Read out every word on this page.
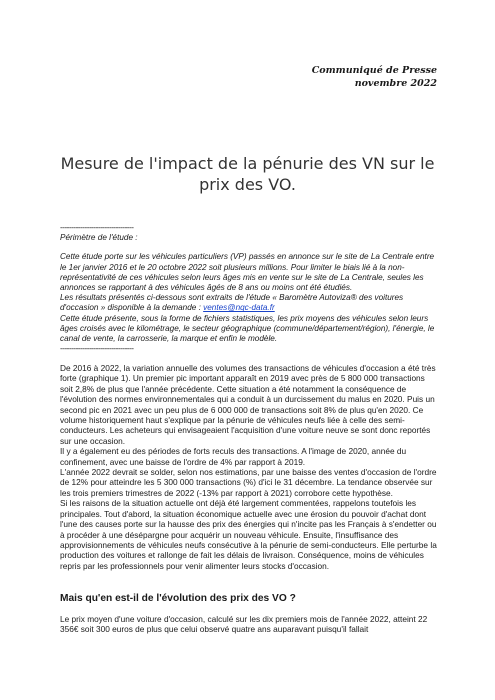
Communiqué de Presse
novembre 2022
Mesure de l'impact de la pénurie des VN sur le prix des VO.

---------------------------------

Périmètre de l'étude :

Cette étude porte sur les véhicules particuliers (VP) passés en annonce sur le site de La Centrale entre le 1er janvier 2016 et le 20 octobre 2022 soit plusieurs millions. Pour limiter le biais lié à la non-représentativité de ces véhicules selon leurs âges mis en vente sur le site de La Centrale, seules les annonces se rapportant à des véhicules âgés de 8 ans ou moins ont été étudiés.

Les résultats présentés ci-dessous sont extraits de l'étude « Baromètre Autoviza® des voitures d'occasion » disponible à la demande : ventes@nqc-data.fr

Cette étude présente, sous la forme de fichiers statistiques, les prix moyens des véhicules selon leurs âges croisés avec le kilométrage, le secteur géographique (commune/département/région), l'énergie, le canal de vente, la carrosserie, la marque et enfin le modèle.

---------------------------------

De 2016 à 2022, la variation annuelle des volumes des transactions de véhicules d'occasion a été très forte (graphique 1). Un premier pic important apparaît en 2019 avec près de 5 800 000 transactions soit 2,8% de plus que l'année précédente. Cette situation a été notamment la conséquence de l'évolution des normes environnementales qui a conduit à un durcissement du malus en 2020. Puis un second pic en 2021 avec un peu plus de 6 000 000 de transactions soit 8% de plus qu'en 2020. Ce volume historiquement haut s'explique par la pénurie de véhicules neufs liée à celle des semi-conducteurs. Les acheteurs qui envisageaient l'acquisition d'une voiture neuve se sont donc reportés sur une occasion.

Il y a également eu des périodes de forts reculs des transactions. A l'image de 2020, année du confinement, avec une baisse de l'ordre de 4% par rapport à 2019.

L'année 2022 devrait se solder, selon nos estimations, par une baisse des ventes d'occasion de l'ordre de 12% pour atteindre les 5 300 000 transactions (%) d'ici le 31 décembre. La tendance observée sur les trois premiers trimestres de 2022 (-13% par rapport à 2021) corrobore cette hypothèse.

Si les raisons de la situation actuelle ont déjà été largement commentées, rappelons toutefois les principales. Tout d'abord, la situation économique actuelle avec une érosion du pouvoir d'achat dont l'une des causes porte sur la hausse des prix des énergies qui n'incite pas les Français à s'endetter ou à procéder à une désépargne pour acquérir un nouveau véhicule. Ensuite, l'insuffisance des approvisionnements de véhicules neufs consécutive à la pénurie de semi-conducteurs. Elle perturbe la production des voitures et rallonge de fait les délais de livraison. Conséquence, moins de véhicules repris par les professionnels pour venir alimenter leurs stocks d'occasion.

Mais qu'en est-il de l'évolution des prix des VO ?

Le prix moyen d'une voiture d'occasion, calculé sur les dix premiers mois de l'année 2022, atteint 22 356€ soit 300 euros de plus que celui observé quatre ans auparavant puisqu'il fallait
